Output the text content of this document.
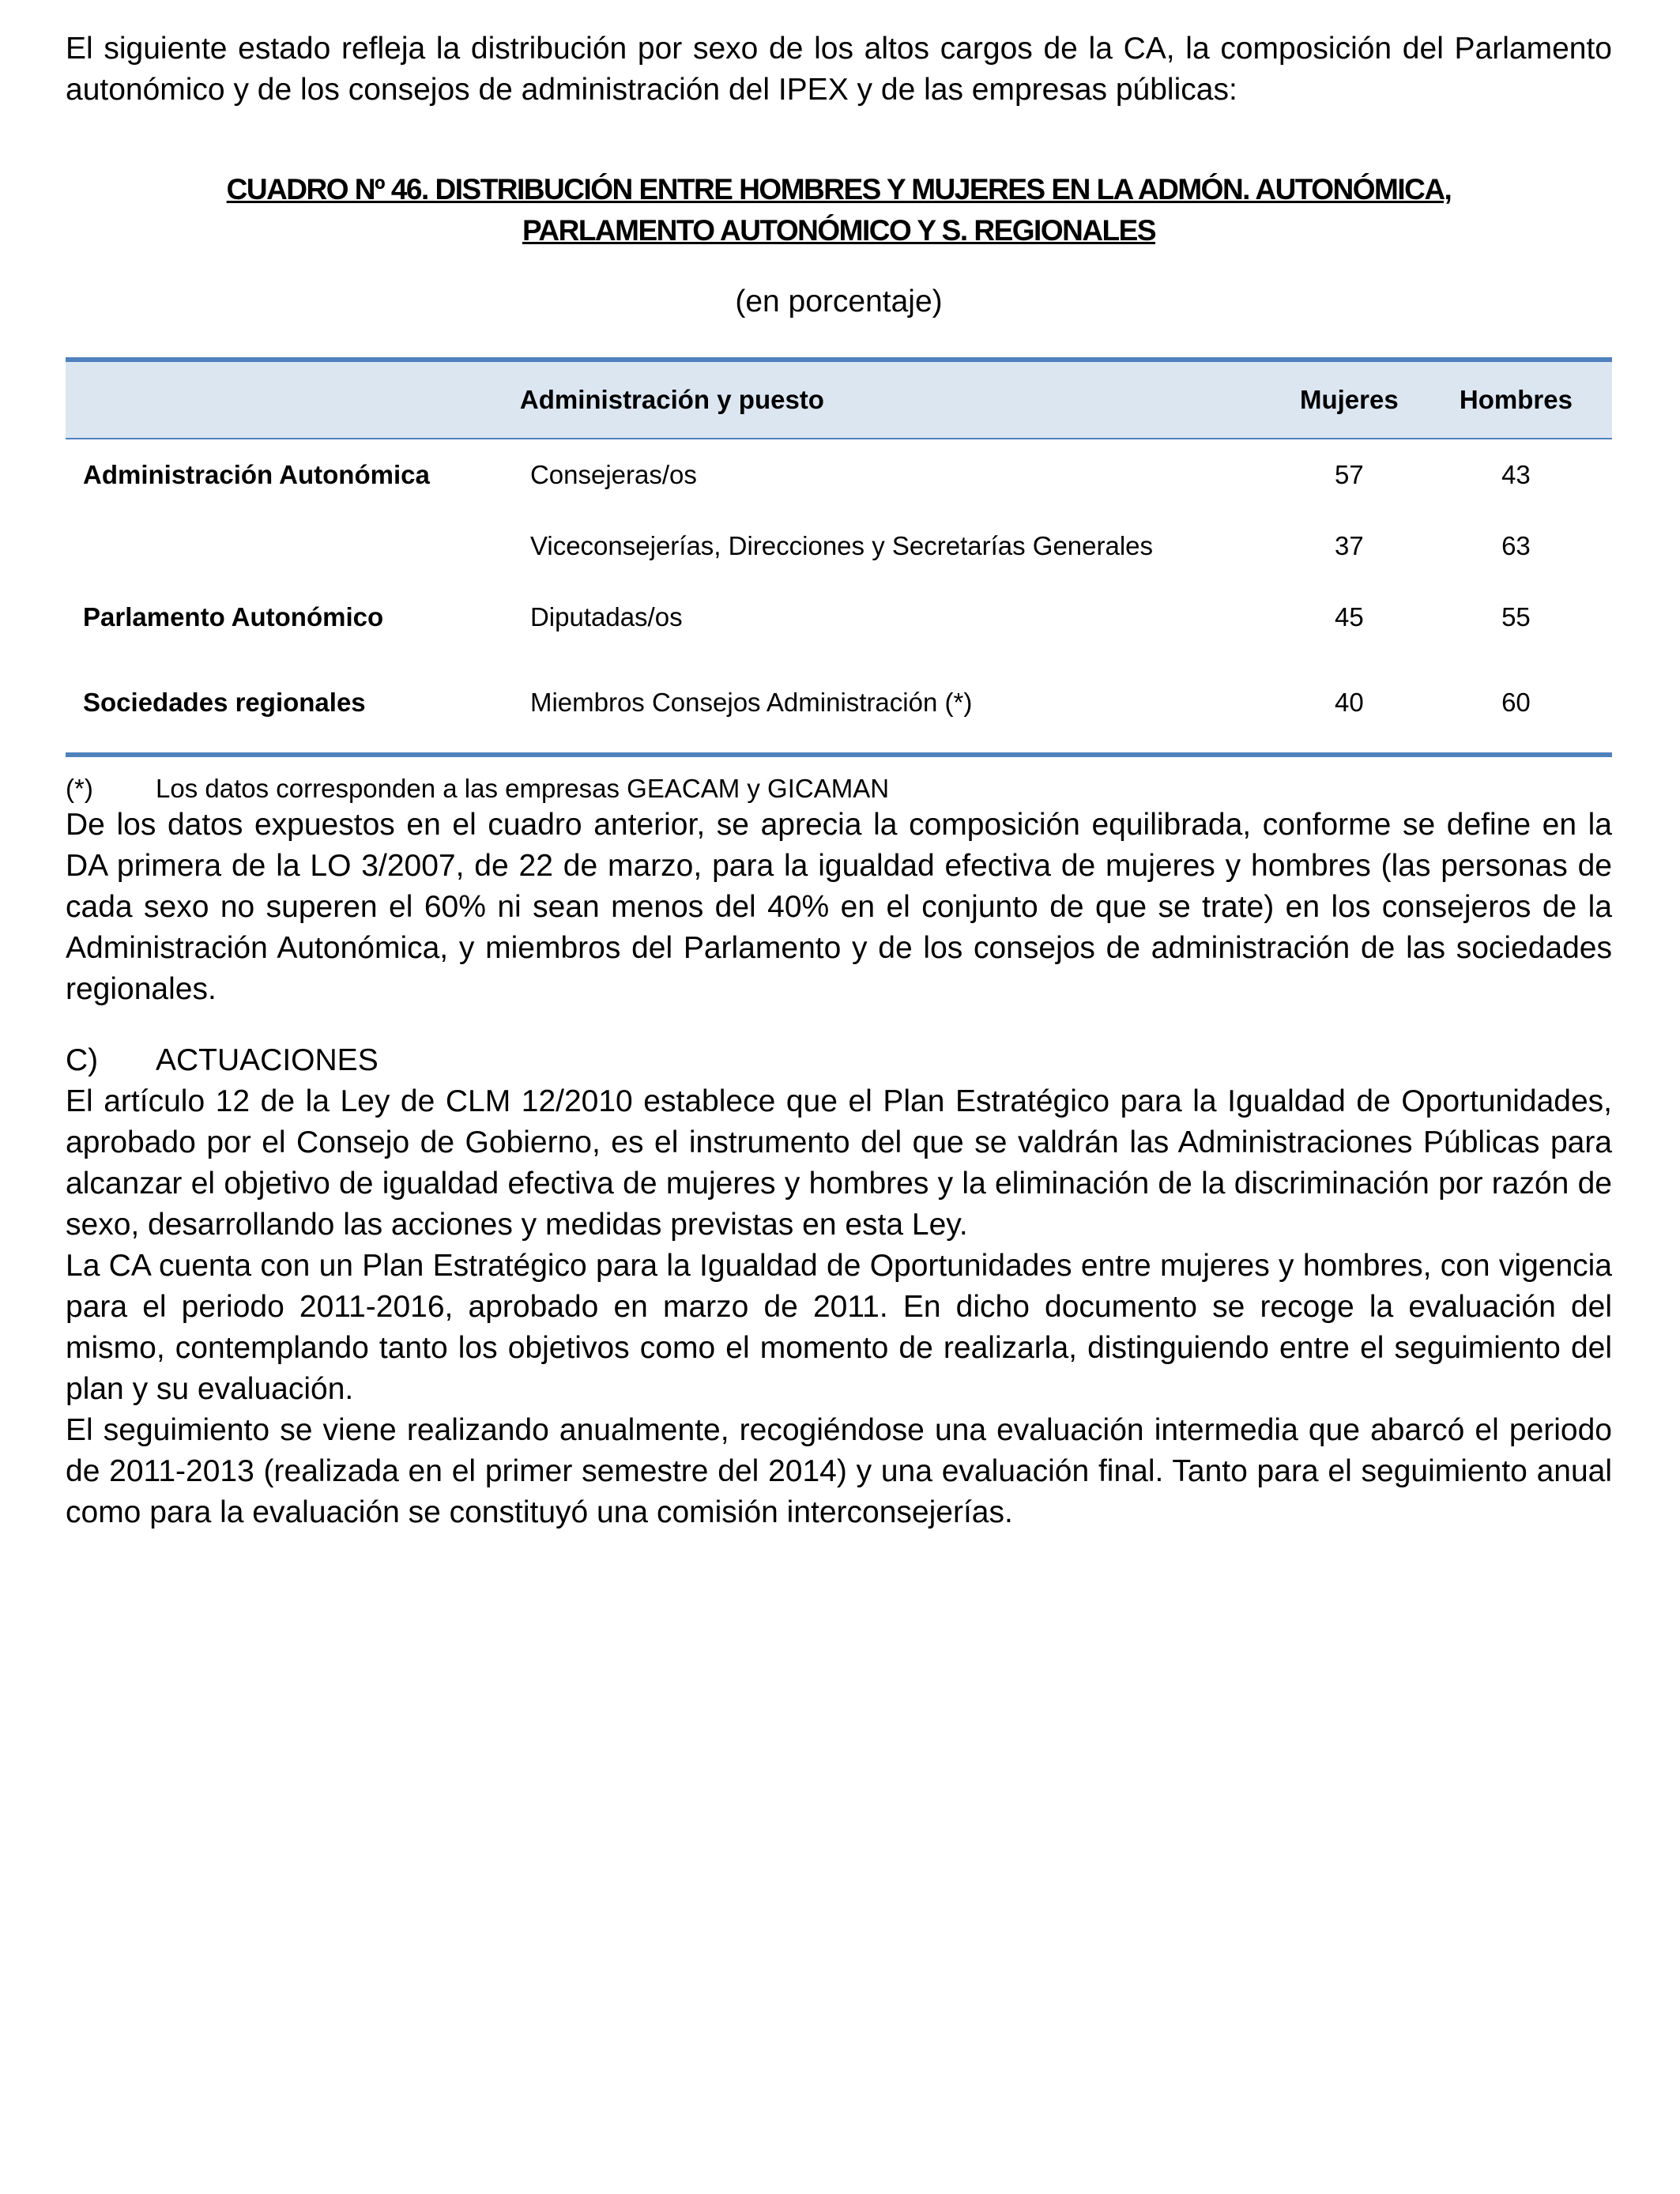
El siguiente estado refleja la distribución por sexo de los altos cargos de la CA, la composición del Parlamento autonómico y de los consejos de administración del IPEX y de las empresas públicas:

CUADRO Nº 46. DISTRIBUCIÓN ENTRE HOMBRES Y MUJERES EN LA ADMÓN. AUTONÓMICA,
PARLAMENTO AUTONÓMICO Y S. REGIONALES
(en porcentaje)
Administración y puesto		Mujeres	Hombres
Administración Autonómica	Consejeras/os	57	43
	Viceconsejerías, Direcciones y Secretarías Generales	37	63
Parlamento Autonómico	Diputadas/os	45	55
Sociedades regionales	Miembros Consejos Administración (*)	40	60
(*)	Los datos corresponden a las empresas GEACAM y GICAMAN

De los datos expuestos en el cuadro anterior, se aprecia la composición equilibrada, conforme se define en la DA primera de la LO 3/2007, de 22 de marzo, para la igualdad efectiva de mujeres y hombres (las personas de cada sexo no superen el 60% ni sean menos del 40% en el conjunto de que se trate) en los consejeros de la Administración Autonómica, y miembros del Parlamento y de los consejos de administración de las sociedades regionales.

C)	ACTUACIONES

El artículo 12 de la Ley de CLM 12/2010 establece que el Plan Estratégico para la Igualdad de Oportunidades, aprobado por el Consejo de Gobierno, es el instrumento del que se valdrán las Administraciones Públicas para alcanzar el objetivo de igualdad efectiva de mujeres y hombres y la eliminación de la discriminación por razón de sexo, desarrollando las acciones y medidas previstas en esta Ley.

La CA cuenta con un Plan Estratégico para la Igualdad de Oportunidades entre mujeres y hombres, con vigencia para el periodo 2011-2016, aprobado en marzo de 2011. En dicho documento se recoge la evaluación del mismo, contemplando tanto los objetivos como el momento de realizarla, distinguiendo entre el seguimiento del plan y su evaluación.

El seguimiento se viene realizando anualmente, recogiéndose una evaluación intermedia que abarcó el periodo de 2011-2013 (realizada en el primer semestre del 2014) y una evaluación final. Tanto para el seguimiento anual como para la evaluación se constituyó una comisión interconsejerías.
